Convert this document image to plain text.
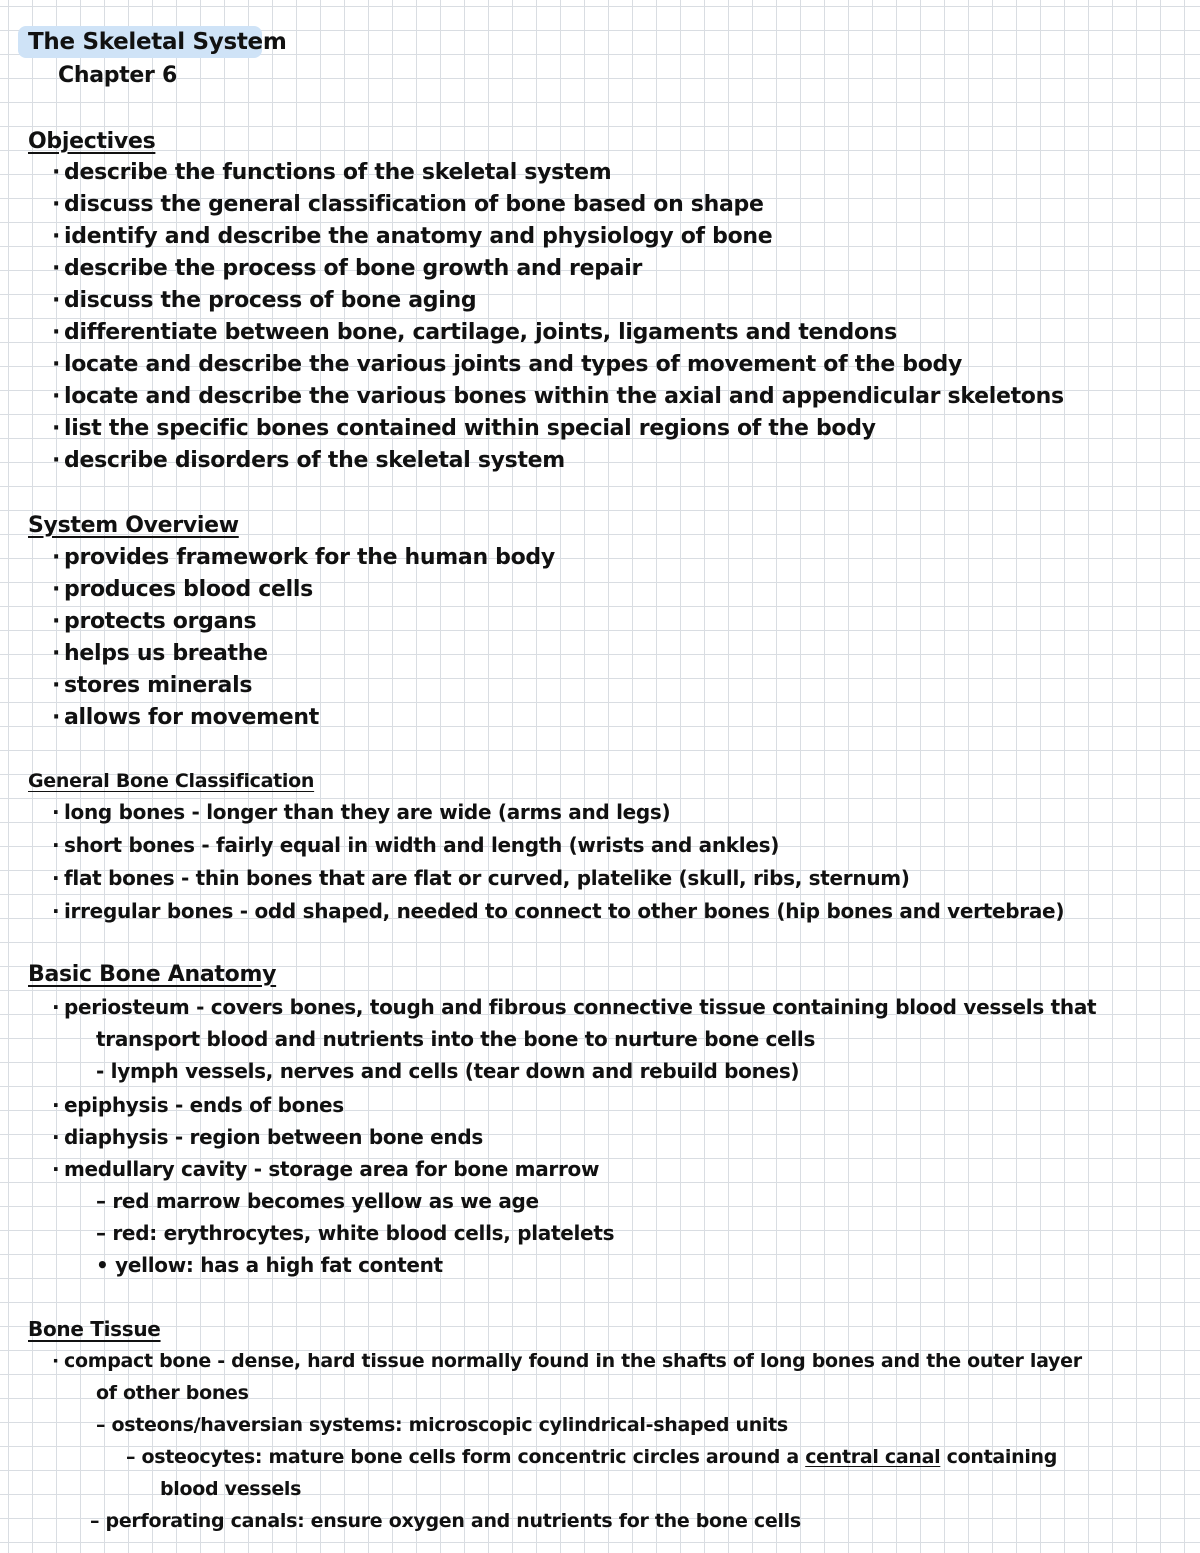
The Skeletal System
Chapter 6
Objectives
· describe the functions of the skeletal system
· discuss the general classification of bone based on shape
· identify and describe the anatomy and physiology of bone
· describe the process of bone growth and repair
· discuss the process of bone aging
· differentiate between bone, cartilage, joints, ligaments and tendons
· locate and describe the various joints and types of movement of the body
· locate and describe the various bones within the axial and appendicular skeletons
· list the specific bones contained within special regions of the body
· describe disorders of the skeletal system
System Overview
· provides framework for the human body
· produces blood cells
· protects organs
· helps us breathe
· stores minerals
· allows for movement
General Bone Classification
· long bones - longer than they are wide (arms and legs)
· short bones - fairly equal in width and length (wrists and ankles)
· flat bones - thin bones that are flat or curved, platelike (skull, ribs, sternum)
· irregular bones - odd shaped, needed to connect to other bones (hip bones and vertebrae)
Basic Bone Anatomy
· periosteum - covers bones, tough and fibrous connective tissue containing blood vessels that
transport blood and nutrients into the bone to nurture bone cells
- lymph vessels, nerves and cells (tear down and rebuild bones)
· epiphysis - ends of bones
· diaphysis - region between bone ends
· medullary cavity - storage area for bone marrow
– red marrow becomes yellow as we age
– red: erythrocytes, white blood cells, platelets
• yellow: has a high fat content
Bone Tissue
· compact bone - dense, hard tissue normally found in the shafts of long bones and the outer layer
of other bones
– osteons/haversian systems: microscopic cylindrical-shaped units
– osteocytes: mature bone cells form concentric circles around a central canal containing
blood vessels
– perforating canals: ensure oxygen and nutrients for the bone cells
